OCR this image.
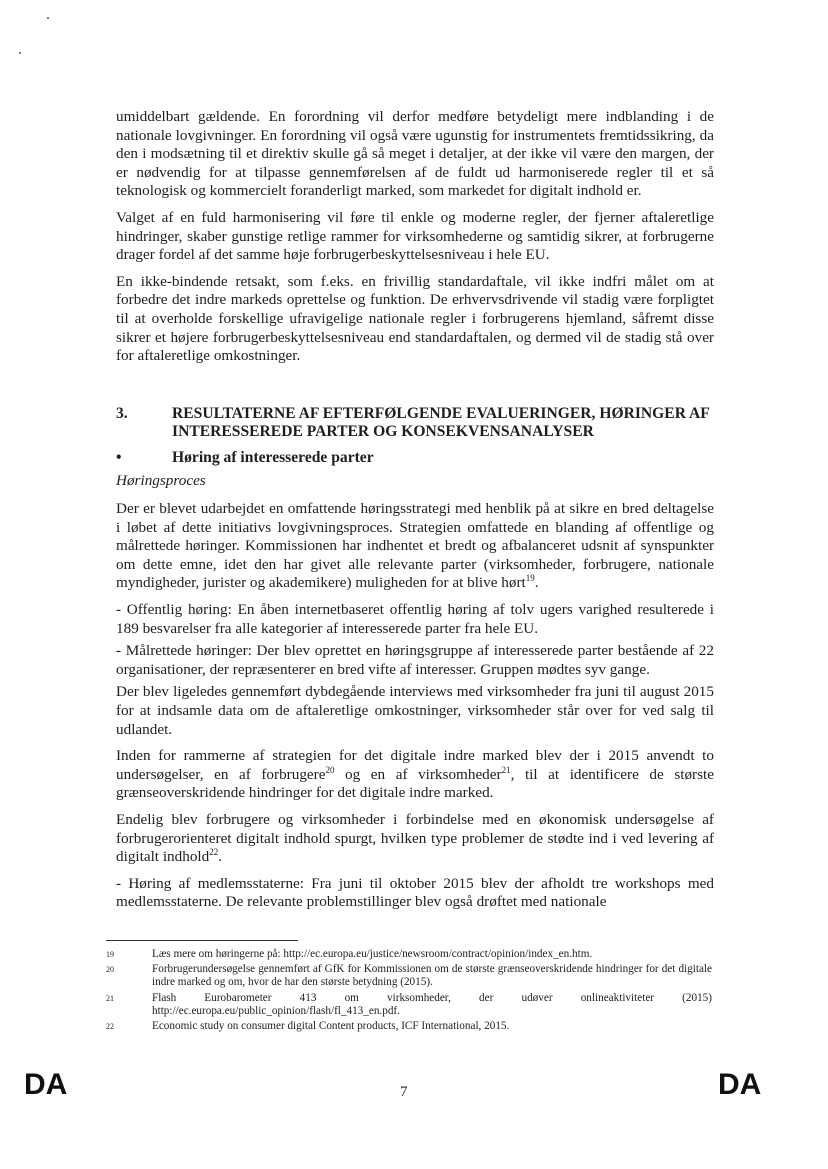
umiddelbart gældende. En forordning vil derfor medføre betydeligt mere indblanding i de nationale lovgivninger. En forordning vil også være ugunstig for instrumentets fremtidssikring, da den i modsætning til et direktiv skulle gå så meget i detaljer, at der ikke vil være den margen, der er nødvendig for at tilpasse gennemførelsen af de fuldt ud harmoniserede regler til et så teknologisk og kommercielt foranderligt marked, som markedet for digitalt indhold er.

Valget af en fuld harmonisering vil føre til enkle og moderne regler, der fjerner aftaleretlige hindringer, skaber gunstige retlige rammer for virksomhederne og samtidig sikrer, at forbrugerne drager fordel af det samme høje forbrugerbeskyttelsesniveau i hele EU.

En ikke-bindende retsakt, som f.eks. en frivillig standardaftale, vil ikke indfri målet om at forbedre det indre markeds oprettelse og funktion. De erhvervsdrivende vil stadig være forpligtet til at overholde forskellige ufravigelige nationale regler i forbrugerens hjemland, såfremt disse sikrer et højere forbrugerbeskyttelsesniveau end standardaftalen, og dermed vil de stadig stå over for aftaleretlige omkostninger.

3.	RESULTATERNE AF EFTERFØLGENDE EVALUERINGER, HØRINGER AF INTERESSEREDE PARTER OG KONSEKVENSANALYSER
•	Høring af interesserede parter
Høringsproces

Der er blevet udarbejdet en omfattende høringsstrategi med henblik på at sikre en bred deltagelse i løbet af dette initiativs lovgivningsproces. Strategien omfattede en blanding af offentlige og målrettede høringer. Kommissionen har indhentet et bredt og afbalanceret udsnit af synspunkter om dette emne, idet den har givet alle relevante parter (virksomheder, forbrugere, nationale myndigheder, jurister og akademikere) muligheden for at blive hørt$^{19}$.

- Offentlig høring: En åben internetbaseret offentlig høring af tolv ugers varighed resulterede i 189 besvarelser fra alle kategorier af interesserede parter fra hele EU.

- Målrettede høringer: Der blev oprettet en høringsgruppe af interesserede parter bestående af 22 organisationer, der repræsenterer en bred vifte af interesser. Gruppen mødtes syv gange.

Der blev ligeledes gennemført dybdegående interviews med virksomheder fra juni til august 2015 for at indsamle data om de aftaleretlige omkostninger, virksomheder står over for ved salg til udlandet.

Inden for rammerne af strategien for det digitale indre marked blev der i 2015 anvendt to undersøgelser, en af forbrugere$^{20}$ og en af virksomheder$^{21}$, til at identificere de største grænseoverskridende hindringer for det digitale indre marked.

Endelig blev forbrugere og virksomheder i forbindelse med en økonomisk undersøgelse af forbrugerorienteret digitalt indhold spurgt, hvilken type problemer de stødte ind i ved levering af digitalt indhold$^{22}$.

- Høring af medlemsstaterne: Fra juni til oktober 2015 blev der afholdt tre workshops med medlemsstaterne. De relevante problemstillinger blev også drøftet med nationale

19	Læs mere om høringerne på: http://ec.europa.eu/justice/newsroom/contract/opinion/index_en.htm.
20	Forbrugerundersøgelse gennemført af GfK for Kommissionen om de største grænseoverskridende hindringer for det digitale indre marked og om, hvor de har den største betydning (2015).
21	Flash Eurobarometer 413 om virksomheder, der udøver onlineaktiviteter (2015) http://ec.europa.eu/public_opinion/flash/fl_413_en.pdf.
22	Economic study on consumer digital Content products, ICF International, 2015.
DA	7	DA
